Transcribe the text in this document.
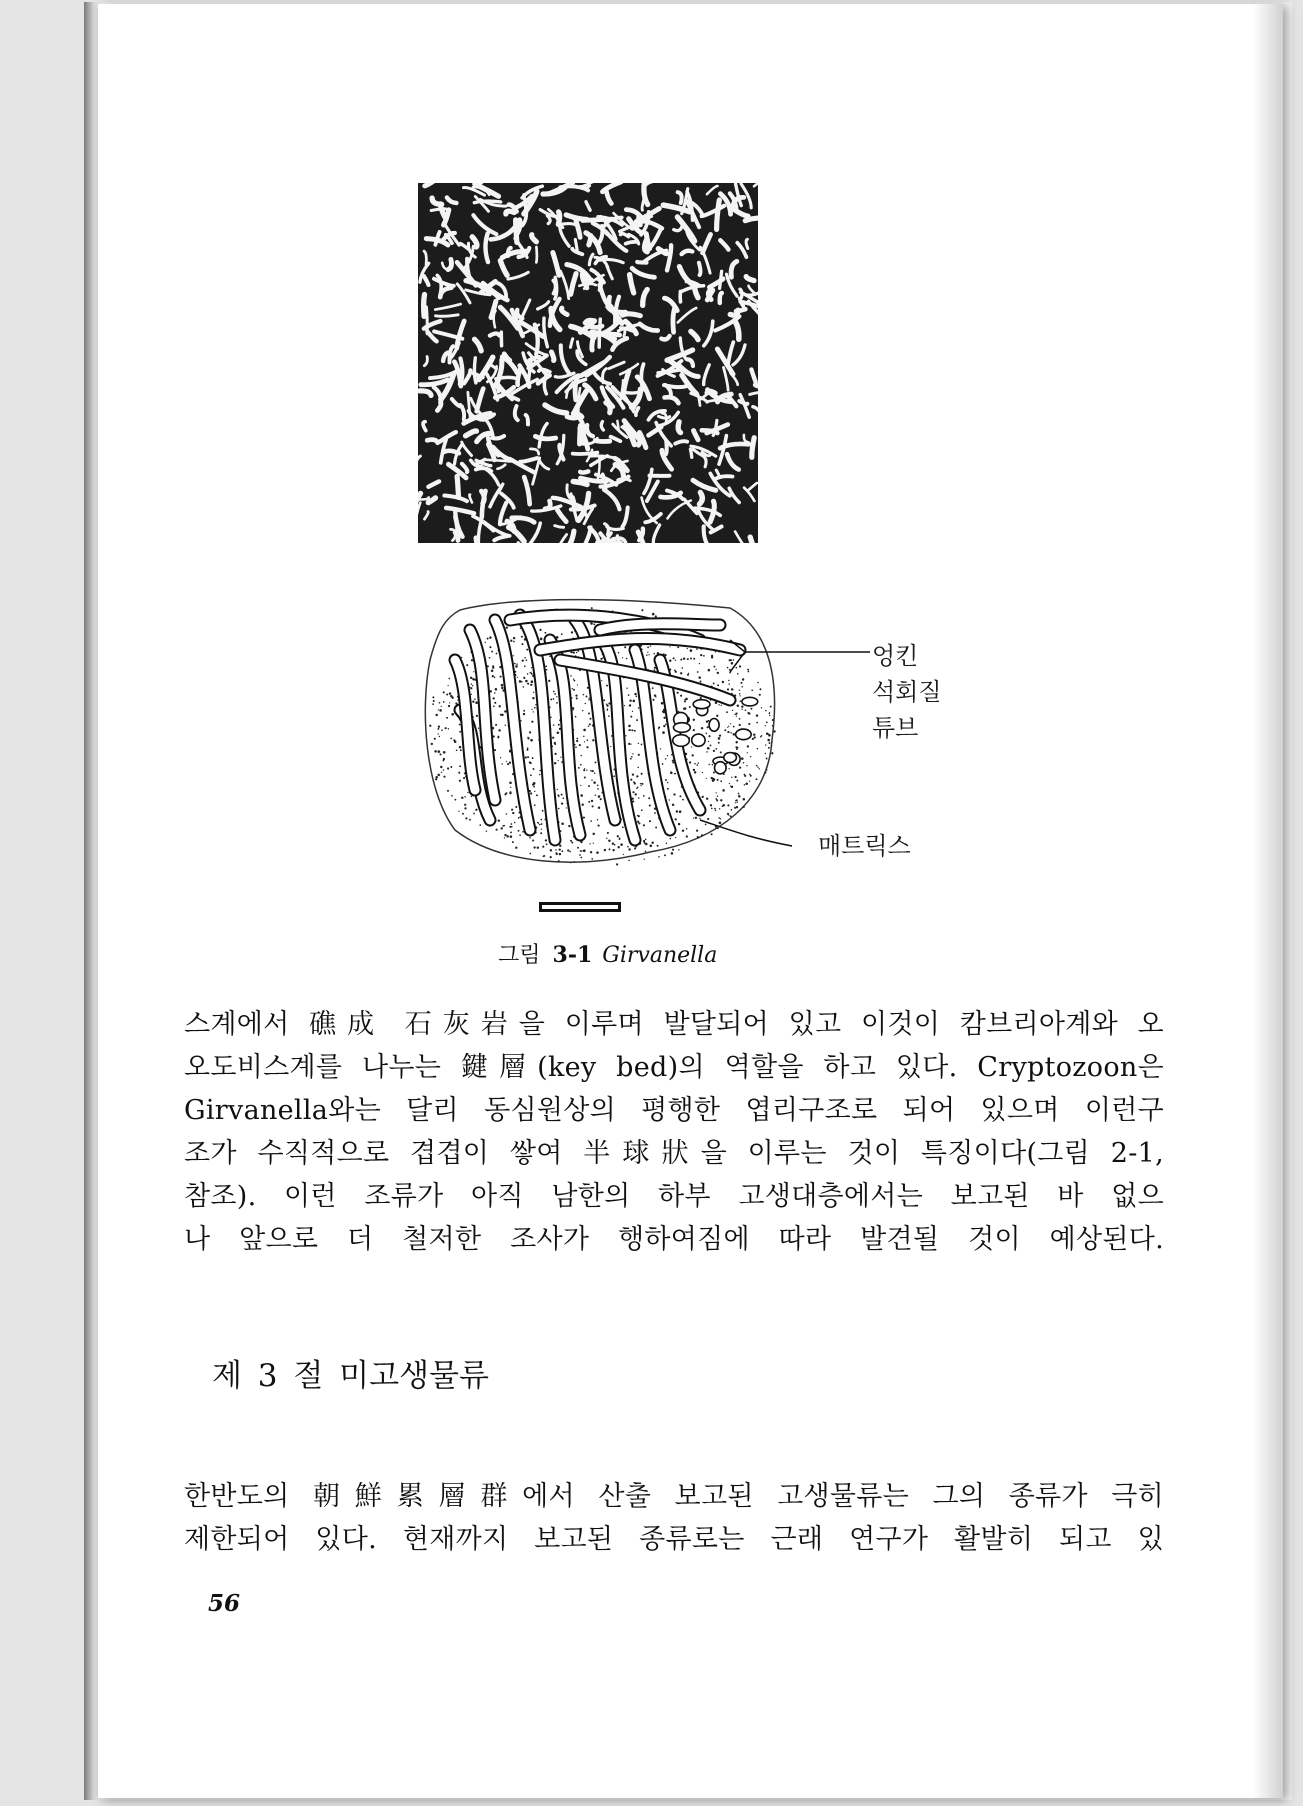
엉킨
석회질
튜브
매트릭스
그림 3-1 Girvanella
스계에서 礁成 石灰岩을 이루며 발달되어 있고 이것이 캄브리아계와 오
오도비스계를 나누는 鍵層(key bed)의 역할을 하고 있다. Cryptozoon은
Girvanella와는 달리 동심원상의 평행한 엽리구조로 되어 있으며 이런구
조가 수직적으로 겹겹이 쌓여 半球狀을 이루는 것이 특징이다(그림 2-1,
참조). 이런 조류가 아직 남한의 하부 고생대층에서는 보고된 바 없으
나 앞으로 더 철저한 조사가 행하여짐에 따라 발견될 것이 예상된다.
제 3 절 미고생물류
한반도의 朝鮮累層群에서 산출 보고된 고생물류는 그의 종류가 극히
제한되어 있다. 현재까지 보고된 종류로는 근래 연구가 활발히 되고 있
56
